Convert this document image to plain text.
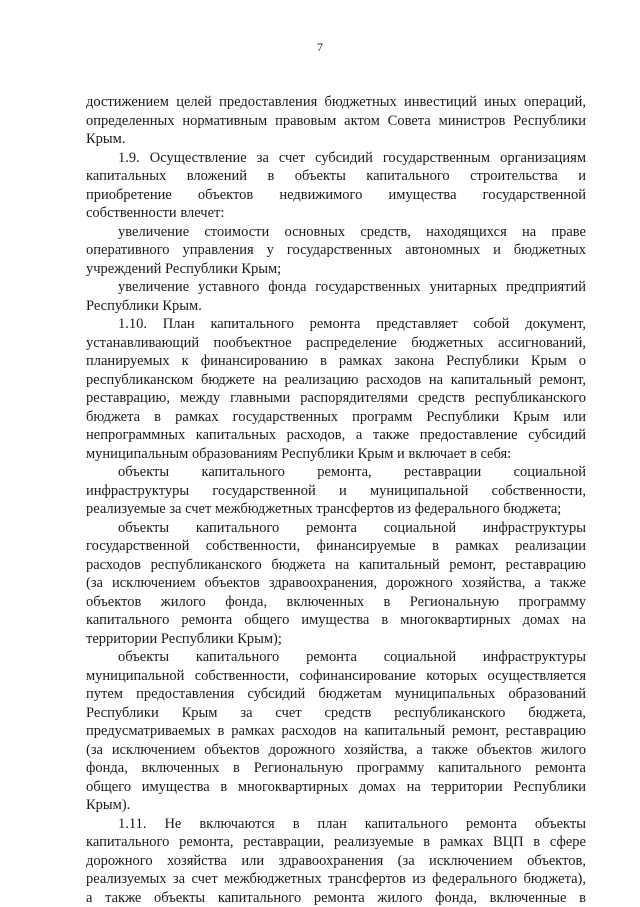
7
достижением целей предоставления бюджетных инвестиций иных операций,
определенных нормативным правовым актом Совета министров Республики
Крым.
1.9. Осуществление за счет субсидий государственным организациям
капитальных вложений в объекты капитального строительства и
приобретение объектов недвижимого имущества государственной
собственности влечет:
увеличение стоимости основных средств, находящихся на праве
оперативного управления у государственных автономных и бюджетных
учреждений Республики Крым;
увеличение уставного фонда государственных унитарных предприятий
Республики Крым.
1.10. План капитального ремонта представляет собой документ,
устанавливающий пообъектное распределение бюджетных ассигнований,
планируемых к финансированию в рамках закона Республики Крым о
республиканском бюджете на реализацию расходов на капитальный ремонт,
реставрацию, между главными распорядителями средств республиканского
бюджета в рамках государственных программ Республики Крым или
непрограммных капитальных расходов, а также предоставление субсидий
муниципальным образованиям Республики Крым и включает в себя:
объекты капитального ремонта, реставрации социальной
инфраструктуры государственной и муниципальной собственности,
реализуемые за счет межбюджетных трансфертов из федерального бюджета;
объекты капитального ремонта социальной инфраструктуры
государственной собственности, финансируемые в рамках реализации
расходов республиканского бюджета на капитальный ремонт, реставрацию
(за исключением объектов здравоохранения, дорожного хозяйства, а также
объектов жилого фонда, включенных в Региональную программу
капитального ремонта общего имущества в многоквартирных домах на
территории Республики Крым);
объекты капитального ремонта социальной инфраструктуры
муниципальной собственности, софинансирование которых осуществляется
путем предоставления субсидий бюджетам муниципальных образований
Республики Крым за счет средств республиканского бюджета,
предусматриваемых в рамках расходов на капитальный ремонт, реставрацию
(за исключением объектов дорожного хозяйства, а также объектов жилого
фонда, включенных в Региональную программу капитального ремонта
общего имущества в многоквартирных домах на территории Республики
Крым).
1.11. Не включаются в план капитального ремонта объекты
капитального ремонта, реставрации, реализуемые в рамках ВЦП в сфере
дорожного хозяйства или здравоохранения (за исключением объектов,
реализуемых за счет межбюджетных трансфертов из федерального бюджета),
а также объекты капитального ремонта жилого фонда, включенные в
